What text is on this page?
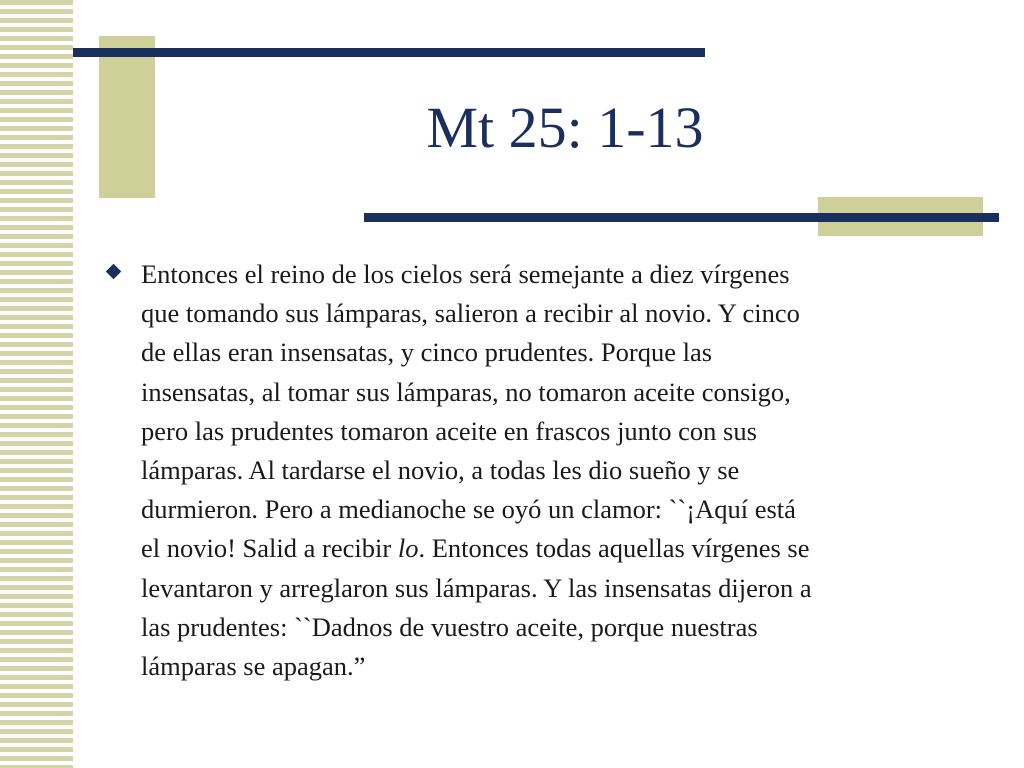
Mt 25: 1-13

Entonces el reino de los cielos será semejante a diez vírgenes
que tomando sus lámparas, salieron a recibir al novio. Y cinco
de ellas eran insensatas, y cinco prudentes. Porque las
insensatas, al tomar sus lámparas, no tomaron aceite consigo,
pero las prudentes tomaron aceite en frascos junto con sus
lámparas. Al tardarse el novio, a todas les dio sueño y se
durmieron. Pero a medianoche se oyó un clamor: ``¡Aquí está
el novio! Salid a recibir lo. Entonces todas aquellas vírgenes se
levantaron y arreglaron sus lámparas. Y las insensatas dijeron a
las prudentes: ``Dadnos de vuestro aceite, porque nuestras
lámparas se apagan.”
